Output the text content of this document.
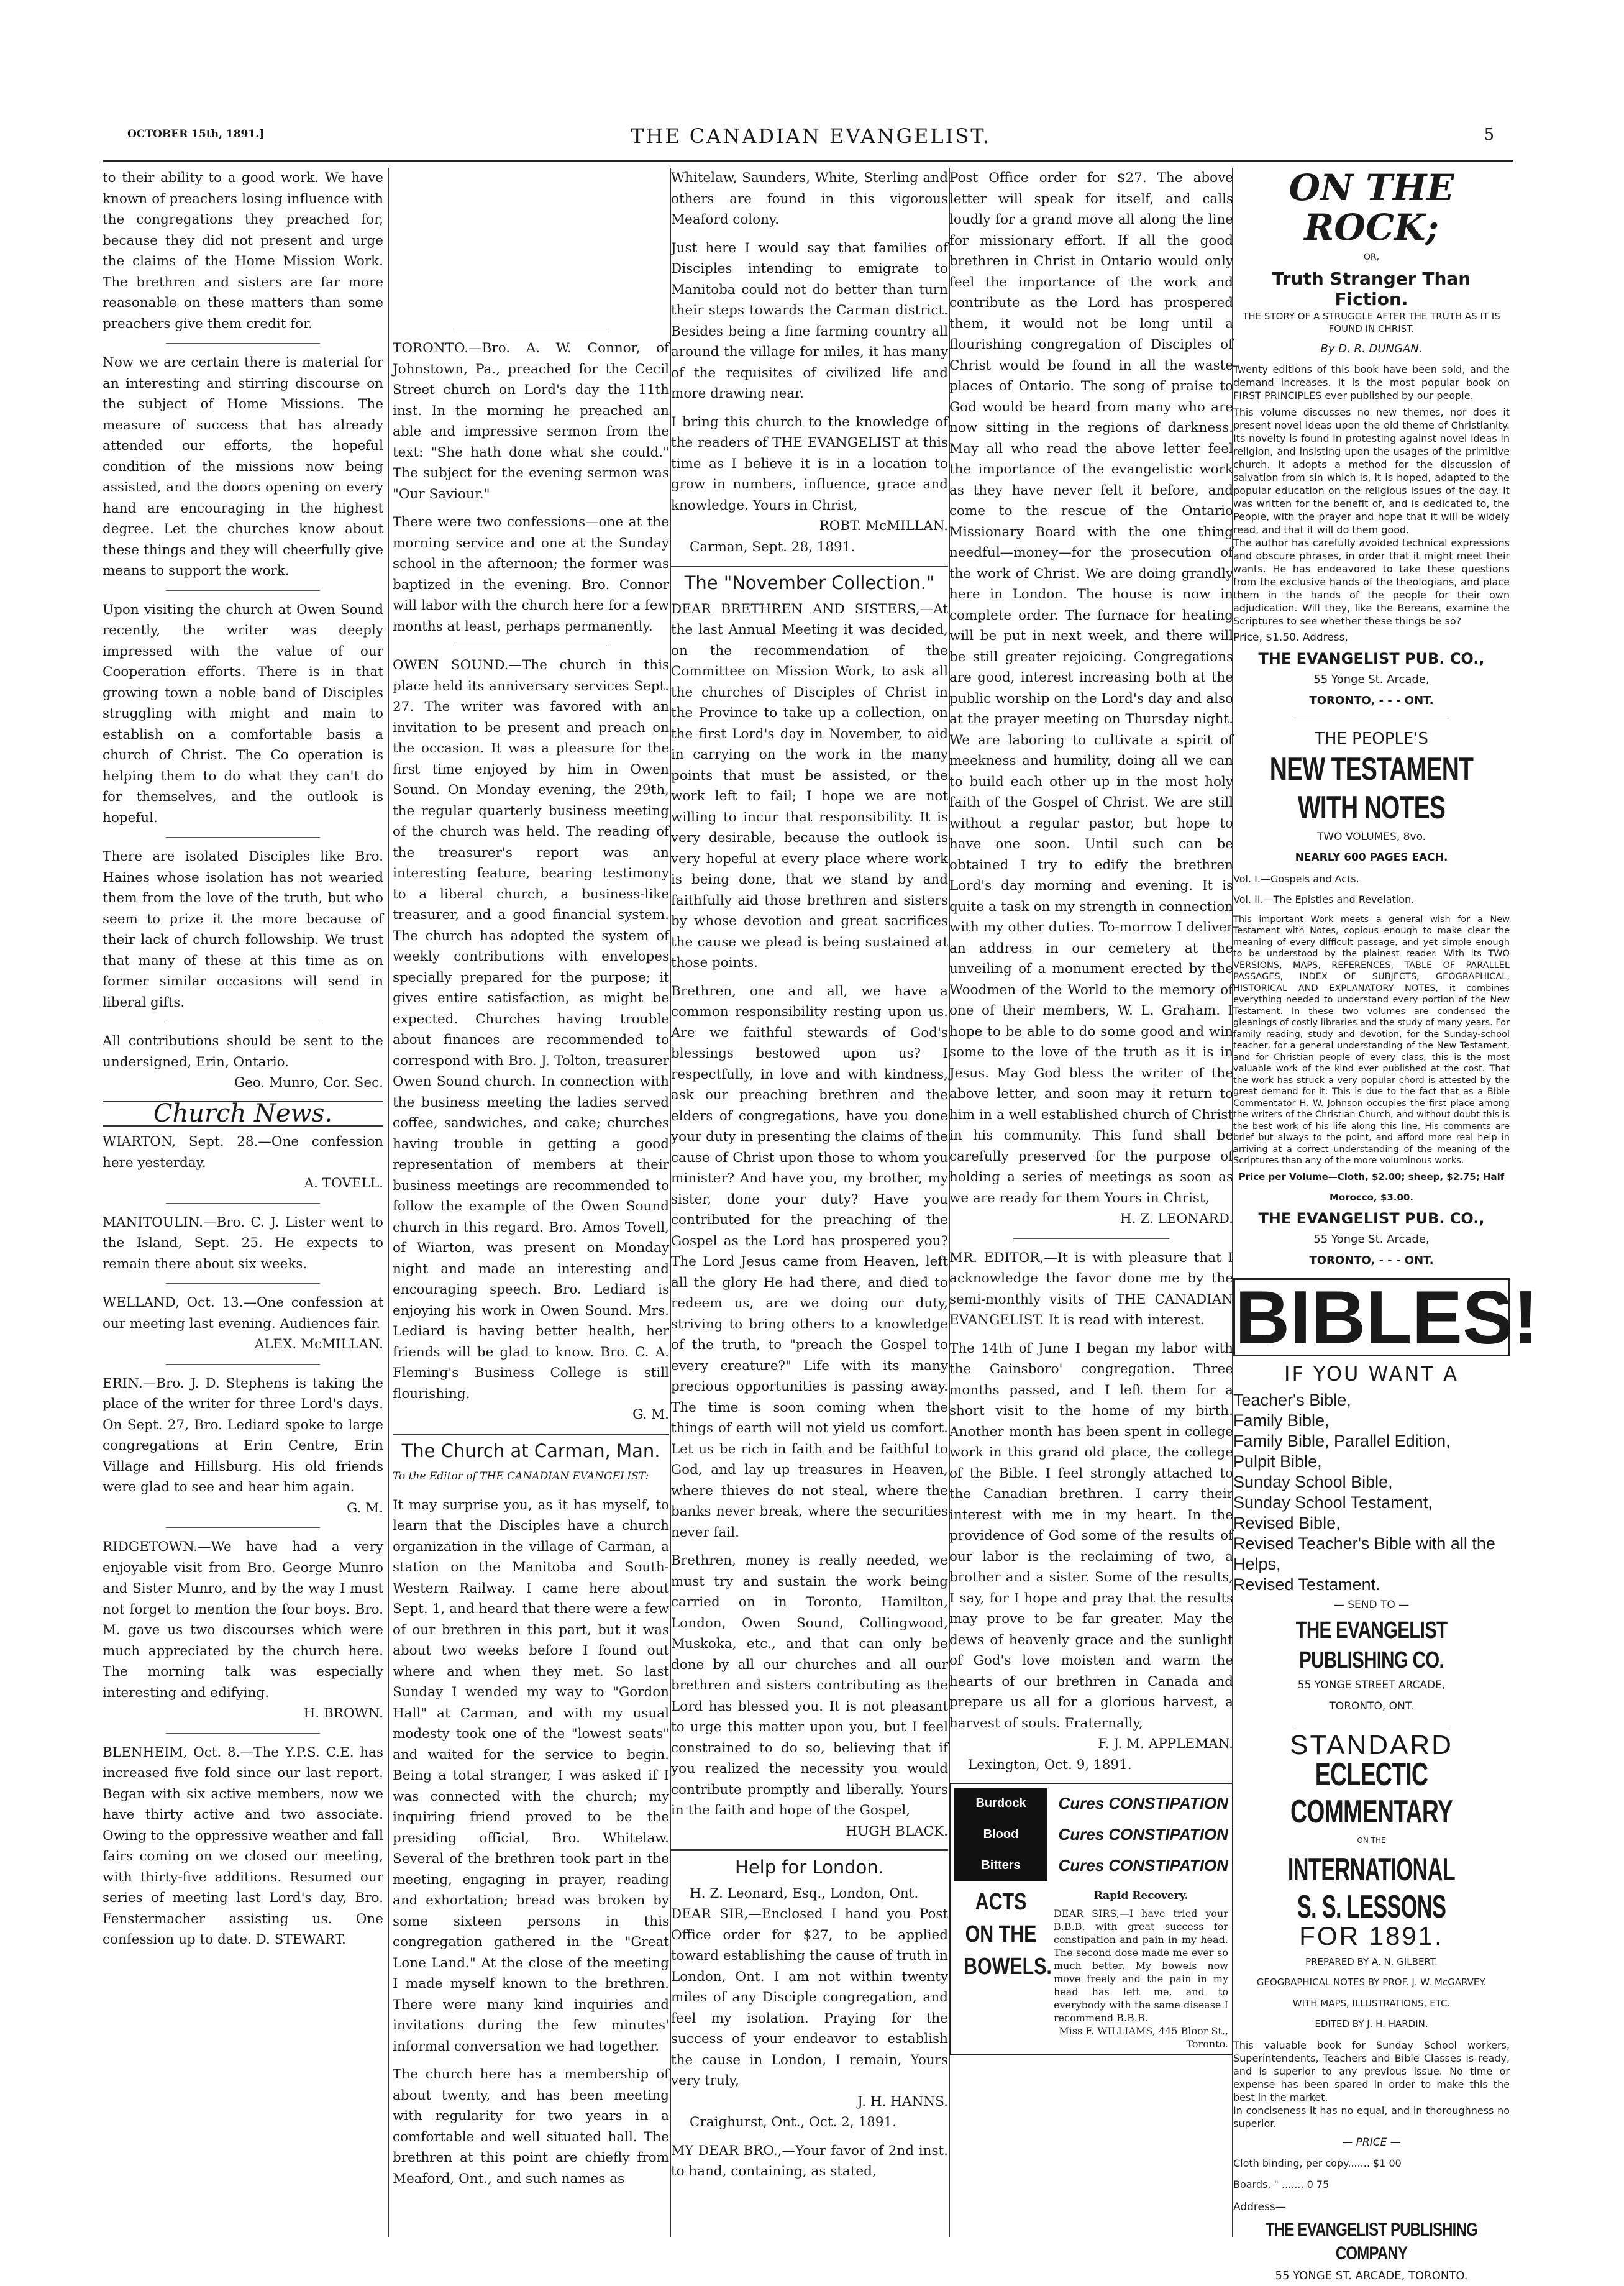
OCTOBER 15th, 1891.]	THE CANADIAN EVANGELIST.	5

to their ability to a good work. We have known of preachers losing influence with the congregations they preached for, because they did not present and urge the claims of the Home Mission Work. The brethren and sisters are far more reasonable on these matters than some preachers give them credit for.

Now we are certain there is material for an interesting and stirring discourse on the subject of Home Missions. The measure of success that has already attended our efforts, the hopeful condition of the missions now being assisted, and the doors opening on every hand are encouraging in the highest degree. Let the churches know about these things and they will cheerfully give means to support the work.

Upon visiting the church at Owen Sound recently, the writer was deeply impressed with the value of our Cooperation efforts. There is in that growing town a noble band of Disciples struggling with might and main to establish on a comfortable basis a church of Christ. The Co operation is helping them to do what they can't do for themselves, and the outlook is hopeful.

There are isolated Disciples like Bro. Haines whose isolation has not wearied them from the love of the truth, but who seem to prize it the more because of their lack of church followship. We trust that many of these at this time as on former similar occasions will send in liberal gifts.

All contributions should be sent to the undersigned, Erin, Ontario.

Geo. Munro, Cor. Sec.
Church News.

WIARTON, Sept. 28.—One confession here yesterday.

A. TOVELL.

MANITOULIN.—Bro. C. J. Lister went to the Island, Sept. 25. He expects to remain there about six weeks.

WELLAND, Oct. 13.—One confession at our meeting last evening. Audiences fair.

ALEX. McMILLAN.

ERIN.—Bro. J. D. Stephens is taking the place of the writer for three Lord's days. On Sept. 27, Bro. Lediard spoke to large congregations at Erin Centre, Erin Village and Hillsburg. His old friends were glad to see and hear him again.

G. M.

RIDGETOWN.—We have had a very enjoyable visit from Bro. George Munro and Sister Munro, and by the way I must not forget to mention the four boys. Bro. M. gave us two discourses which were much appreciated by the church here. The morning talk was especially interesting and edifying.

H. BROWN.

BLENHEIM, Oct. 8.—The Y.P.S. C.E. has increased five fold since our last report. Began with six active members, now we have thirty active and two associate. Owing to the oppressive weather and fall fairs coming on we closed our meeting, with thirty-five additions. Resumed our series of meeting last Lord's day, Bro. Fenstermacher assisting us. One confession up to date. D. STEWART.

TORONTO.—Bro. A. W. Connor, of Johnstown, Pa., preached for the Cecil Street church on Lord's day the 11th inst. In the morning he preached an able and impressive sermon from the text: "She hath done what she could." The subject for the evening sermon was "Our Saviour."

There were two confessions—one at the morning service and one at the Sunday school in the afternoon; the former was baptized in the evening. Bro. Connor will labor with the church here for a few months at least, perhaps permanently.

OWEN SOUND.—The church in this place held its anniversary services Sept. 27. The writer was favored with an invitation to be present and preach on the occasion. It was a pleasure for the first time enjoyed by him in Owen Sound. On Monday evening, the 29th, the regular quarterly business meeting of the church was held. The reading of the treasurer's report was an interesting feature, bearing testimony to a liberal church, a business-like treasurer, and a good financial system. The church has adopted the system of weekly contributions with envelopes specially prepared for the purpose; it gives entire satisfaction, as might be expected. Churches having trouble about finances are recommended to correspond with Bro. J. Tolton, treasurer Owen Sound church. In connection with the business meeting the ladies served coffee, sandwiches, and cake; churches having trouble in getting a good representation of members at their business meetings are recommended to follow the example of the Owen Sound church in this regard. Bro. Amos Tovell, of Wiarton, was present on Monday night and made an interesting and encouraging speech. Bro. Lediard is enjoying his work in Owen Sound. Mrs. Lediard is having better health, her friends will be glad to know. Bro. C. A. Fleming's Business College is still flourishing.

G. M.
The Church at Carman, Man.

To the Editor of THE CANADIAN EVANGELIST:

It may surprise you, as it has myself, to learn that the Disciples have a church organization in the village of Carman, a station on the Manitoba and South-Western Railway. I came here about Sept. 1, and heard that there were a few of our brethren in this part, but it was about two weeks before I found out where and when they met. So last Sunday I wended my way to "Gordon Hall" at Carman, and with my usual modesty took one of the "lowest seats" and waited for the service to begin. Being a total stranger, I was asked if I was connected with the church; my inquiring friend proved to be the presiding official, Bro. Whitelaw. Several of the brethren took part in the meeting, engaging in prayer, reading and exhortation; bread was broken by some sixteen persons in this congregation gathered in the "Great Lone Land." At the close of the meeting I made myself known to the brethren. There were many kind inquiries and invitations during the few minutes' informal conversation we had together.

The church here has a membership of about twenty, and has been meeting with regularity for two years in a comfortable and well situated hall. The brethren at this point are chiefly from Meaford, Ont., and such names as

Whitelaw, Saunders, White, Sterling and others are found in this vigorous Meaford colony.

Just here I would say that families of Disciples intending to emigrate to Manitoba could not do better than turn their steps towards the Carman district. Besides being a fine farming country all around the village for miles, it has many of the requisites of civilized life and more drawing near.

I bring this church to the knowledge of the readers of THE EVANGELIST at this time as I believe it is in a location to grow in numbers, influence, grace and knowledge. Yours in Christ,

ROBT. McMILLAN.

Carman, Sept. 28, 1891.

The "November Collection."

DEAR BRETHREN AND SISTERS,—At the last Annual Meeting it was decided, on the recommendation of the Committee on Mission Work, to ask all the churches of Disciples of Christ in the Province to take up a collection, on the first Lord's day in November, to aid in carrying on the work in the many points that must be assisted, or the work left to fail; I hope we are not willing to incur that responsibility. It is very desirable, because the outlook is very hopeful at every place where work is being done, that we stand by and faithfully aid those brethren and sisters by whose devotion and great sacrifices the cause we plead is being sustained at those points.

Brethren, one and all, we have a common responsibility resting upon us. Are we faithful stewards of God's blessings bestowed upon us? I respectfully, in love and with kindness, ask our preaching brethren and the elders of congregations, have you done your duty in presenting the claims of the cause of Christ upon those to whom you minister? And have you, my brother, my sister, done your duty? Have you contributed for the preaching of the Gospel as the Lord has prospered you? The Lord Jesus came from Heaven, left all the glory He had there, and died to redeem us, are we doing our duty, striving to bring others to a knowledge of the truth, to "preach the Gospel to every creature?" Life with its many precious opportunities is passing away. The time is soon coming when the things of earth will not yield us comfort. Let us be rich in faith and be faithful to God, and lay up treasures in Heaven, where thieves do not steal, where the banks never break, where the securities never fail.

Brethren, money is really needed, we must try and sustain the work being carried on in Toronto, Hamilton, London, Owen Sound, Collingwood, Muskoka, etc., and that can only be done by all our churches and all our brethren and sisters contributing as the Lord has blessed you. It is not pleasant to urge this matter upon you, but I feel constrained to do so, believing that if you realized the necessity you would contribute promptly and liberally. Yours in the faith and hope of the Gospel,

HUGH BLACK.
Help for London.

H. Z. Leonard, Esq., London, Ont.

DEAR SIR,—Enclosed I hand you Post Office order for $27, to be applied toward establishing the cause of truth in London, Ont. I am not within twenty miles of any Disciple congregation, and feel my isolation. Praying for the success of your endeavor to establish the cause in London, I remain, Yours very truly,

J. H. HANNS.

Craighurst, Ont., Oct. 2, 1891.

MY DEAR BRO.,—Your favor of 2nd inst. to hand, containing, as stated,

Post Office order for $27. The above letter will speak for itself, and calls loudly for a grand move all along the line for missionary effort. If all the good brethren in Christ in Ontario would only feel the importance of the work and contribute as the Lord has prospered them, it would not be long until a flourishing congregation of Disciples of Christ would be found in all the waste places of Ontario. The song of praise to God would be heard from many who are now sitting in the regions of darkness. May all who read the above letter feel the importance of the evangelistic work as they have never felt it before, and come to the rescue of the Ontario Missionary Board with the one thing needful—money—for the prosecution of the work of Christ. We are doing grandly here in London. The house is now in complete order. The furnace for heating will be put in next week, and there will be still greater rejoicing. Congregations are good, interest increasing both at the public worship on the Lord's day and also at the prayer meeting on Thursday night. We are laboring to cultivate a spirit of meekness and humility, doing all we can to build each other up in the most holy faith of the Gospel of Christ. We are still without a regular pastor, but hope to have one soon. Until such can be obtained I try to edify the brethren Lord's day morning and evening. It is quite a task on my strength in connection with my other duties. To-morrow I deliver an address in our cemetery at the unveiling of a monument erected by the Woodmen of the World to the memory of one of their members, W. L. Graham. I hope to be able to do some good and win some to the love of the truth as it is in Jesus. May God bless the writer of the above letter, and soon may it return to him in a well established church of Christ in his community. This fund shall be carefully preserved for the purpose of holding a series of meetings as soon as we are ready for them Yours in Christ,

H. Z. LEONARD.

MR. EDITOR,—It is with pleasure that I acknowledge the favor done me by the semi-monthly visits of THE CANADIAN EVANGELIST. It is read with interest.

The 14th of June I began my labor with the Gainsboro' congregation. Three months passed, and I left them for a short visit to the home of my birth. Another month has been spent in college work in this grand old place, the college of the Bible. I feel strongly attached to the Canadian brethren. I carry their interest with me in my heart. In the providence of God some of the results of our labor is the reclaiming of two, a brother and a sister. Some of the results, I say, for I hope and pray that the results may prove to be far greater. May the dews of heavenly grace and the sunlight of God's love moisten and warm the hearts of our brethren in Canada and prepare us all for a glorious harvest, a harvest of souls. Fraternally,

F. J. M. APPLEMAN.

Lexington, Oct. 9, 1891.

Burdock	Cures CONSTIPATION
Blood	Cures CONSTIPATION
Bitters	Cures CONSTIPATION
ACTS
ON THE
BOWELS.
Rapid Recovery.
DEAR SIRS,—I have tried your B.B.B. with great success for constipation and pain in my head. The second dose made me ever so much better. My bowels now move freely and the pain in my head has left me, and to everybody with the same disease I recommend B.B.B.
Miss F. WILLIAMS, 445 Bloor St., Toronto.
ON THE ROCK;
OR,
Truth Stranger Than Fiction.
THE STORY OF A STRUGGLE AFTER THE TRUTH AS IT IS FOUND IN CHRIST.
By D. R. DUNGAN.
Twenty editions of this book have been sold, and the demand increases. It is the most popular book on FIRST PRINCIPLES ever published by our people.
This volume discusses no new themes, nor does it present novel ideas upon the old theme of Christianity. Its novelty is found in protesting against novel ideas in religion, and insisting upon the usages of the primitive church. It adopts a method for the discussion of salvation from sin which is, it is hoped, adapted to the popular education on the religious issues of the day. It was written for the benefit of, and is dedicated to, the People, with the prayer and hope that it will be widely read, and that it will do them good.
The author has carefully avoided technical expressions and obscure phrases, in order that it might meet their wants. He has endeavored to take these questions from the exclusive hands of the theologians, and place them in the hands of the people for their own adjudication. Will they, like the Bereans, examine the Scriptures to see whether these things be so?
Price, $1.50. Address,
THE EVANGELIST PUB. CO.,
55 Yonge St. Arcade,
TORONTO, - - - ONT.
THE PEOPLE'S
NEW TESTAMENT WITH NOTES
TWO VOLUMES, 8vo.
NEARLY 600 PAGES EACH.
Vol. I.—Gospels and Acts.
Vol. II.—The Epistles and Revelation.
This important Work meets a general wish for a New Testament with Notes, copious enough to make clear the meaning of every difficult passage, and yet simple enough to be understood by the plainest reader. With its TWO VERSIONS, MAPS, REFERENCES, TABLE OF PARALLEL PASSAGES, INDEX OF SUBJECTS, GEOGRAPHICAL, HISTORICAL AND EXPLANATORY NOTES, it combines everything needed to understand every portion of the New Testament. In these two volumes are condensed the gleanings of costly libraries and the study of many years. For family reading, study and devotion, for the Sunday-school teacher, for a general understanding of the New Testament, and for Christian people of every class, this is the most valuable work of the kind ever published at the cost. That the work has struck a very popular chord is attested by the great demand for it. This is due to the fact that as a Bible Commentator H. W. Johnson occupies the first place among the writers of the Christian Church, and without doubt this is the best work of his life along this line. His comments are brief but always to the point, and afford more real help in arriving at a correct understanding of the meaning of the Scriptures than any of the more voluminous works.
Price per Volume—Cloth, $2.00; sheep, $2.75; Half Morocco, $3.00.
THE EVANGELIST PUB. CO.,
55 Yonge St. Arcade,
TORONTO, - - - ONT.
BIBLES!
IF YOU WANT A
Teacher's Bible,
Family Bible,
Family Bible, Parallel Edition,
Pulpit Bible,
Sunday School Bible,
Sunday School Testament,
Revised Bible,
Revised Teacher's Bible with all the Helps,
Revised Testament.
— SEND TO —
THE EVANGELIST PUBLISHING CO.
55 YONGE STREET ARCADE,
TORONTO, ONT.
STANDARD
ECLECTIC COMMENTARY
ON THE
INTERNATIONAL S. S. LESSONS
FOR 1891.
PREPARED BY A. N. GILBERT.
GEOGRAPHICAL NOTES BY PROF. J. W. McGARVEY.
WITH MAPS, ILLUSTRATIONS, ETC.
EDITED BY J. H. HARDIN.
This valuable book for Sunday School workers, Superintendents, Teachers and Bible Classes is ready, and is superior to any previous issue. No time or expense has been spared in order to make this the best in the market.
In conciseness it has no equal, and in thoroughness no superior.
— PRICE —
Cloth binding, per copy....... $1 00
Boards, " ....... 0 75
Address—
THE EVANGELIST PUBLISHING COMPANY
55 YONGE ST. ARCADE, TORONTO.
